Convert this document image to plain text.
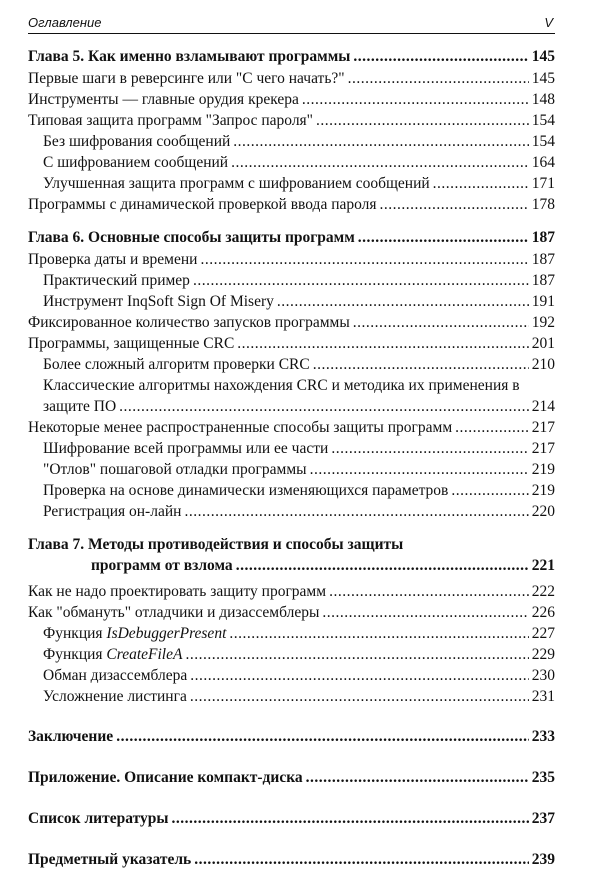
Оглавление	V
Глава 5. Как именно взламывают программы .....	145
Первые шаги в реверсинге или "С чего начать?" .....	145
Инструменты — главные орудия крекера .....	148
Типовая защита программ "Запрос пароля" .....	154
Без шифрования сообщений .....	154
С шифрованием сообщений .....	164
Улучшенная защита программ с шифрованием сообщений .....	171
Программы с динамической проверкой ввода пароля .....	178
Глава 6. Основные способы защиты программ .....	187
Проверка даты и времени .....	187
Практический пример .....	187
Инструмент InqSoft Sign Of Misery .....	191
Фиксированное количество запусков программы .....	192
Программы, защищенные CRC .....	201
Более сложный алгоритм проверки CRC .....	210
Классические алгоритмы нахождения CRC и методика их применения в
защите ПО .....	214
Некоторые менее распространенные способы защиты программ .....	217
Шифрование всей программы или ее части .....	217
"Отлов" пошаговой отладки программы .....	219
Проверка на основе динамически изменяющихся параметров .....	219
Регистрация он-лайн .....	220
Глава 7. Методы противодействия и способы защиты
программ от взлома .....	221
Как не надо проектировать защиту программ .....	222
Как "обмануть" отладчики и дизассемблеры .....	226
Функция IsDebuggerPresent .....	227
Функция CreateFileA .....	229
Обман дизассемблера .....	230
Усложнение листинга .....	231
Заключение .....	233
Приложение. Описание компакт-диска .....	235
Список литературы .....	237
Предметный указатель .....	239
